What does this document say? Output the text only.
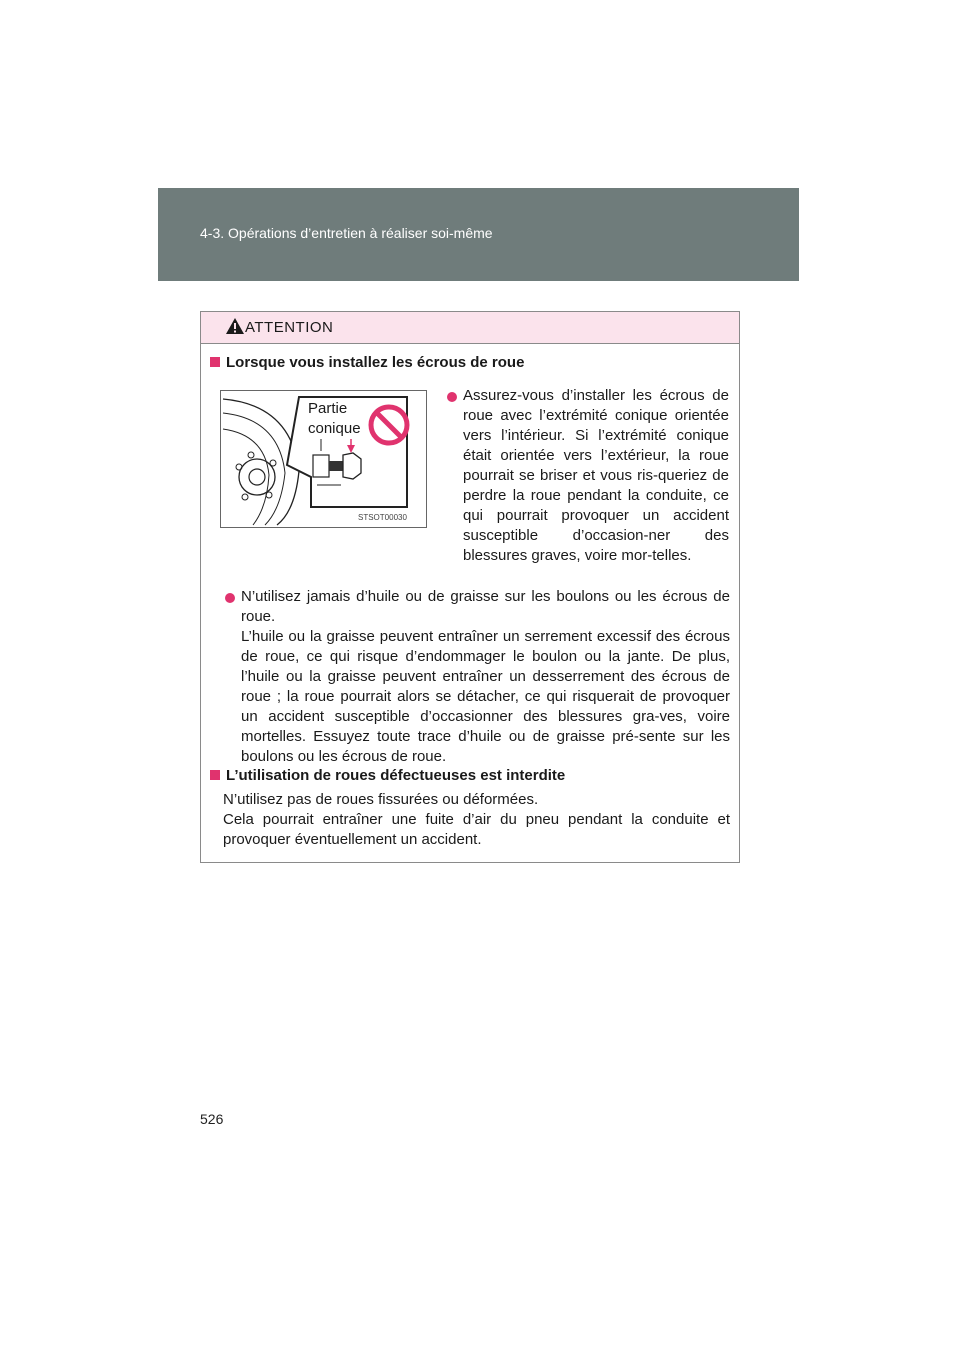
4-3. Opérations d’entretien à réaliser soi-même
ATTENTION
Lorsque vous installez les écrous de roue
Partie
conique
STSOT00030
Assurez-vous d’installer les écrous de roue avec l’extrémité conique orientée vers l’intérieur. Si l’extrémité conique était orientée vers l’extérieur, la roue pourrait se briser et vous ris-queriez de perdre la roue pendant la conduite, ce qui pourrait provoquer un accident susceptible d’occasion-ner des blessures graves, voire mor-telles.
N’utilisez jamais d’huile ou de graisse sur les boulons ou les écrous de roue.
L’huile ou la graisse peuvent entraîner un serrement excessif des écrous de roue, ce qui risque d’endommager le boulon ou la jante. De plus, l’huile ou la graisse peuvent entraîner un desserrement des écrous de roue ; la roue pourrait alors se détacher, ce qui risquerait de provoquer un accident susceptible d’occasionner des blessures gra-ves, voire mortelles. Essuyez toute trace d’huile ou de graisse pré-sente sur les boulons ou les écrous de roue.
L’utilisation de roues défectueuses est interdite
N’utilisez pas de roues fissurées ou déformées.
Cela pourrait entraîner une fuite d’air du pneu pendant la conduite et provoquer éventuellement un accident.
526
